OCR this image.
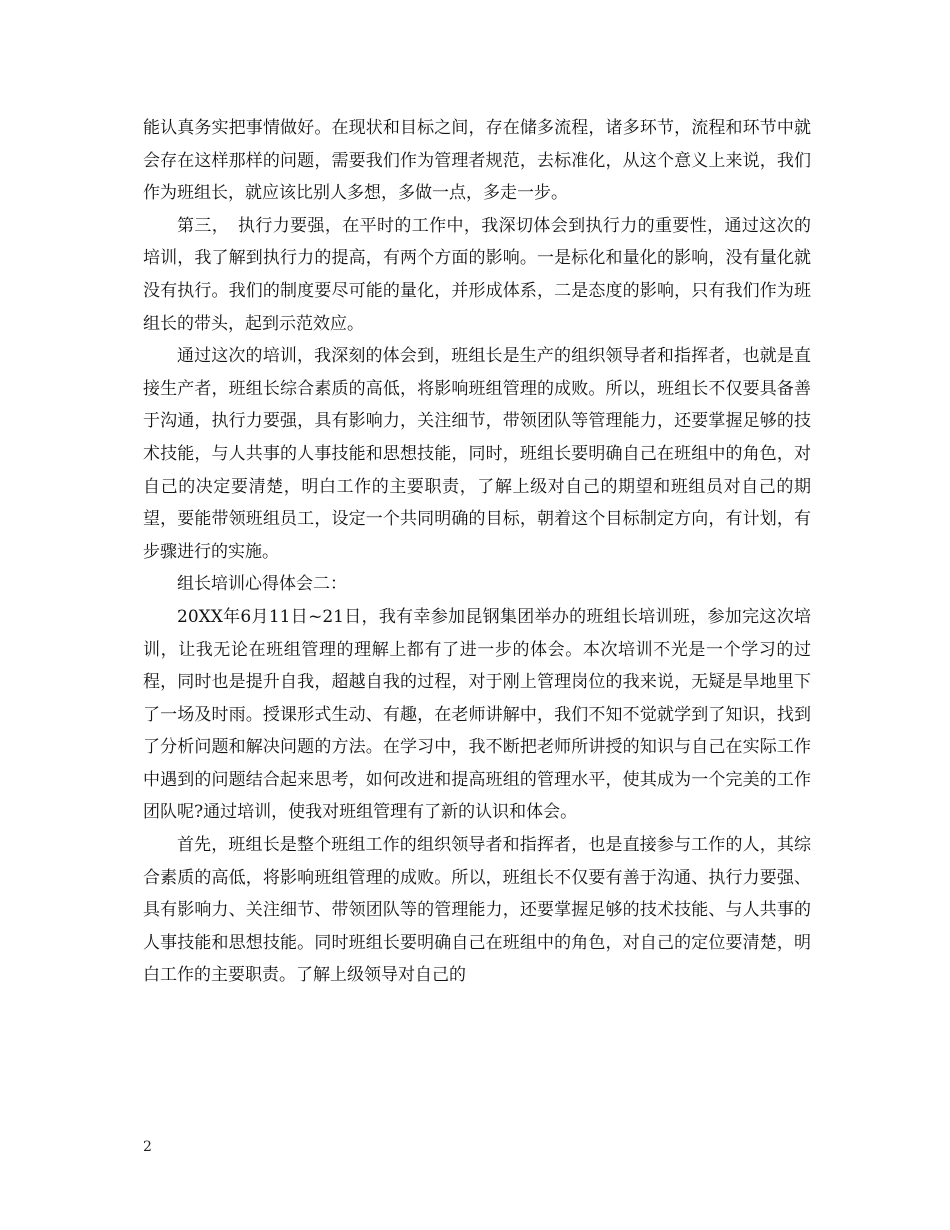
能认真务实把事情做好。在现状和目标之间，存在储多流程，诸多环节，流程和环节中就会存在这样那样的问题，需要我们作为管理者规范，去标准化，从这个意义上来说，我们作为班组长，就应该比别人多想，多做一点，多走一步。

第三，　执行力要强，在平时的工作中，我深切体会到执行力的重要性，通过这次的培训，我了解到执行力的提高，有两个方面的影响。一是标化和量化的影响，没有量化就没有执行。我们的制度要尽可能的量化，并形成体系，二是态度的影响，只有我们作为班组长的带头，起到示范效应。

通过这次的培训，我深刻的体会到，班组长是生产的组织领导者和指挥者，也就是直接生产者，班组长综合素质的高低，将影响班组管理的成败。所以，班组长不仅要具备善于沟通，执行力要强，具有影响力，关注细节，带领团队等管理能力，还要掌握足够的技术技能，与人共事的人事技能和思想技能，同时，班组长要明确自己在班组中的角色，对自己的决定要清楚，明白工作的主要职责，了解上级对自己的期望和班组员对自己的期望，要能带领班组员工，设定一个共同明确的目标，朝着这个目标制定方向，有计划，有步骤进行的实施。

组长培训心得体会二：

20XX年6月11日~21日，我有幸参加昆钢集团举办的班组长培训班，参加完这次培训，让我无论在班组管理的理解上都有了进一步的体会。本次培训不光是一个学习的过程，同时也是提升自我，超越自我的过程，对于刚上管理岗位的我来说，无疑是旱地里下了一场及时雨。授课形式生动、有趣，在老师讲解中，我们不知不觉就学到了知识，找到了分析问题和解决问题的方法。在学习中，我不断把老师所讲授的知识与自己在实际工作中遇到的问题结合起来思考，如何改进和提高班组的管理水平，使其成为一个完美的工作团队呢?通过培训，使我对班组管理有了新的认识和体会。

首先，班组长是整个班组工作的组织领导者和指挥者，也是直接参与工作的人，其综合素质的高低，将影响班组管理的成败。所以，班组长不仅要有善于沟通、执行力要强、具有影响力、关注细节、带领团队等的管理能力，还要掌握足够的技术技能、与人共事的人事技能和思想技能。同时班组长要明确自己在班组中的角色，对自己的定位要清楚，明白工作的主要职责。了解上级领导对自己的

2
